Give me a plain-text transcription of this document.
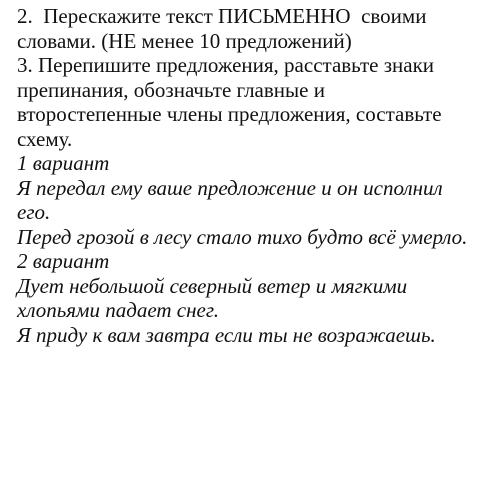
2.  Перескажите текст ПИСЬМЕННО  своими
словами. (НЕ менее 10 предложений)
3. Перепишите предложения, расставьте знаки
препинания, обозначьте главные и
второстепенные члены предложения, составьте
схему.
1 вариант
Я передал ему ваше предложение и он исполнил
его.
Перед грозой в лесу стало тихо будто всё умерло.
2 вариант
Дует небольшой северный ветер и мягкими
хлопьями падает снег.
Я приду к вам завтра если ты не возражаешь.
